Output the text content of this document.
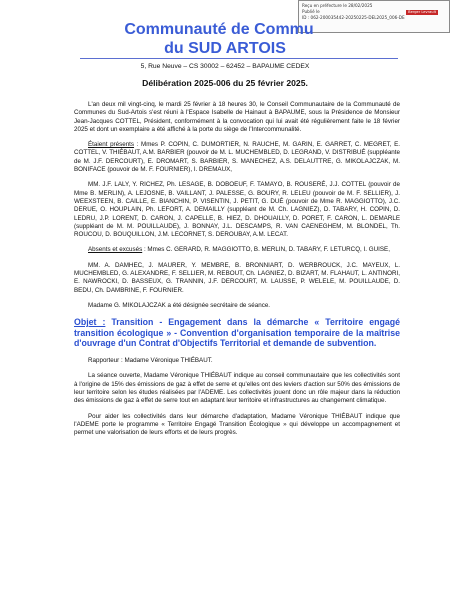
Reçu en préfecture le 28/02/2025
Publié le	Berger Levrault
ID : 062-200035442-20250225-DEL2025_006-DE
Communauté de Commu
du SUD ARTOIS
5, Rue Neuve – CS 30002 – 62452 – BAPAUME CEDEX
Délibération 2025-006 du 25 février 2025.

L'an deux mil vingt-cinq, le mardi 25 février à 18 heures 30, le Conseil Communautaire de la Communauté de Communes du Sud-Artois s'est réuni à l'Espace Isabelle de Hainaut à BAPAUME, sous la Présidence de Monsieur Jean-Jacques COTTEL, Président, conformément à la convocation qui lui avait été régulièrement faite le 18 février 2025 et dont un exemplaire a été affiché à la porte du siège de l'Intercommunalité.

Étaient présents : Mmes P. COPIN, C. DUMORTIER, N. RAUCHE, M. GARIN, E. GARRET, C. MEGRET, E. COTTEL, V. THIÉBAUT, A.M. BARBIER (pouvoir de M. L. MUCHEMBLED, D. LEGRAND, V. DISTRIBUÉ (suppléante de M. J.F. DERCOURT), E. DROMART, S. BARBIER, S. MANECHEZ, A.S. DELAUTTRE, G. MIKOLAJCZAK, M. BONIFACE (pouvoir de M. F. FOURNIER), I. DREMAUX,

MM. J.F. LALY, Y. RICHEZ, Ph. LESAGE, B. DOBOEUF, F. TAMAYO, B. ROUSERÉ, J.J. COTTEL (pouvoir de Mme B. MERLIN), A. LEJOSNE, B. VAILLANT, J. PALESSE, G. BOURY, R. LELEU (pouvoir de M. F. SELLIER), J. WEEXSTEEN, B. CAILLE, E. BIANCHIN, P. VISENTIN, J. PETIT, G. DUÉ (pouvoir de Mme R. MAGGIOTTO), J.C. DERUE, O. HOUPLAIN, Ph. LEFORT, A. DEMAILLY (suppléant de M. Ch. LAGNIEZ), D. TABARY, H. COPIN, D. LEDRU, J.P. LORENT, D. CARON, J. CAPELLE, B. HIEZ, D. DHOUAILLY, D. PORET, F. CARON, L. DEMARLE (suppléant de M. M. POUILLAUDE), J. BONNAY, J.L. DESCAMPS, R. VAN CAENEGHEM, M. BLONDEL, Th. ROUCOU, D. BOUQUILLON, J.M. LECORNET, S. DEROUBAY, A.M. LECAT.

Absents et excusés : Mmes C. GERARD, R. MAGGIOTTO, B. MERLIN, D. TABARY, F. LETURCQ, I. GUISE,

MM. A. DAMHEC, J. MAURER, Y. MEMBRE, B. BRONNIART, D. WERBROUCK, J.C. MAYEUX, L. MUCHEMBLED, G. ALEXANDRE, F. SELLIER, M. REBOUT, Ch. LAGNIEZ, D. BIZART, M. FLAHAUT, L. ANTINORI, E. NAWROCKI, D. BASSEUX, G. TRANNIN, J.F. DERCOURT, M. LAUSSE, P. WELELE, M. POUILLAUDE, D. BEDU, Ch. DAMBRINE, F. FOURNIER.

Madame G. MIKOLAJCZAK a été désignée secrétaire de séance.

Objet : Transition - Engagement dans la démarche « Territoire engagé transition écologique » - Convention d'organisation temporaire de la maîtrise d'ouvrage d'un Contrat d'Objectifs Territorial et demande de subvention.

Rapporteur : Madame Véronique THIÉBAUT.

La séance ouverte, Madame Véronique THIÉBAUT indique au conseil communautaire que les collectivités sont à l'origine de 15% des émissions de gaz à effet de serre et qu'elles ont des leviers d'action sur 50% des émissions de leur territoire selon les études réalisées par l'ADEME. Les collectivités jouent donc un rôle majeur dans la réduction des émissions de gaz à effet de serre tout en adaptant leur territoire et infrastructures au changement climatique.

Pour aider les collectivités dans leur démarche d'adaptation, Madame Véronique THIÉBAUT indique que l'ADEME porte le programme « Territoire Engagé Transition Écologique » qui développe un accompagnement et permet une valorisation de leurs efforts et de leurs progrès.
